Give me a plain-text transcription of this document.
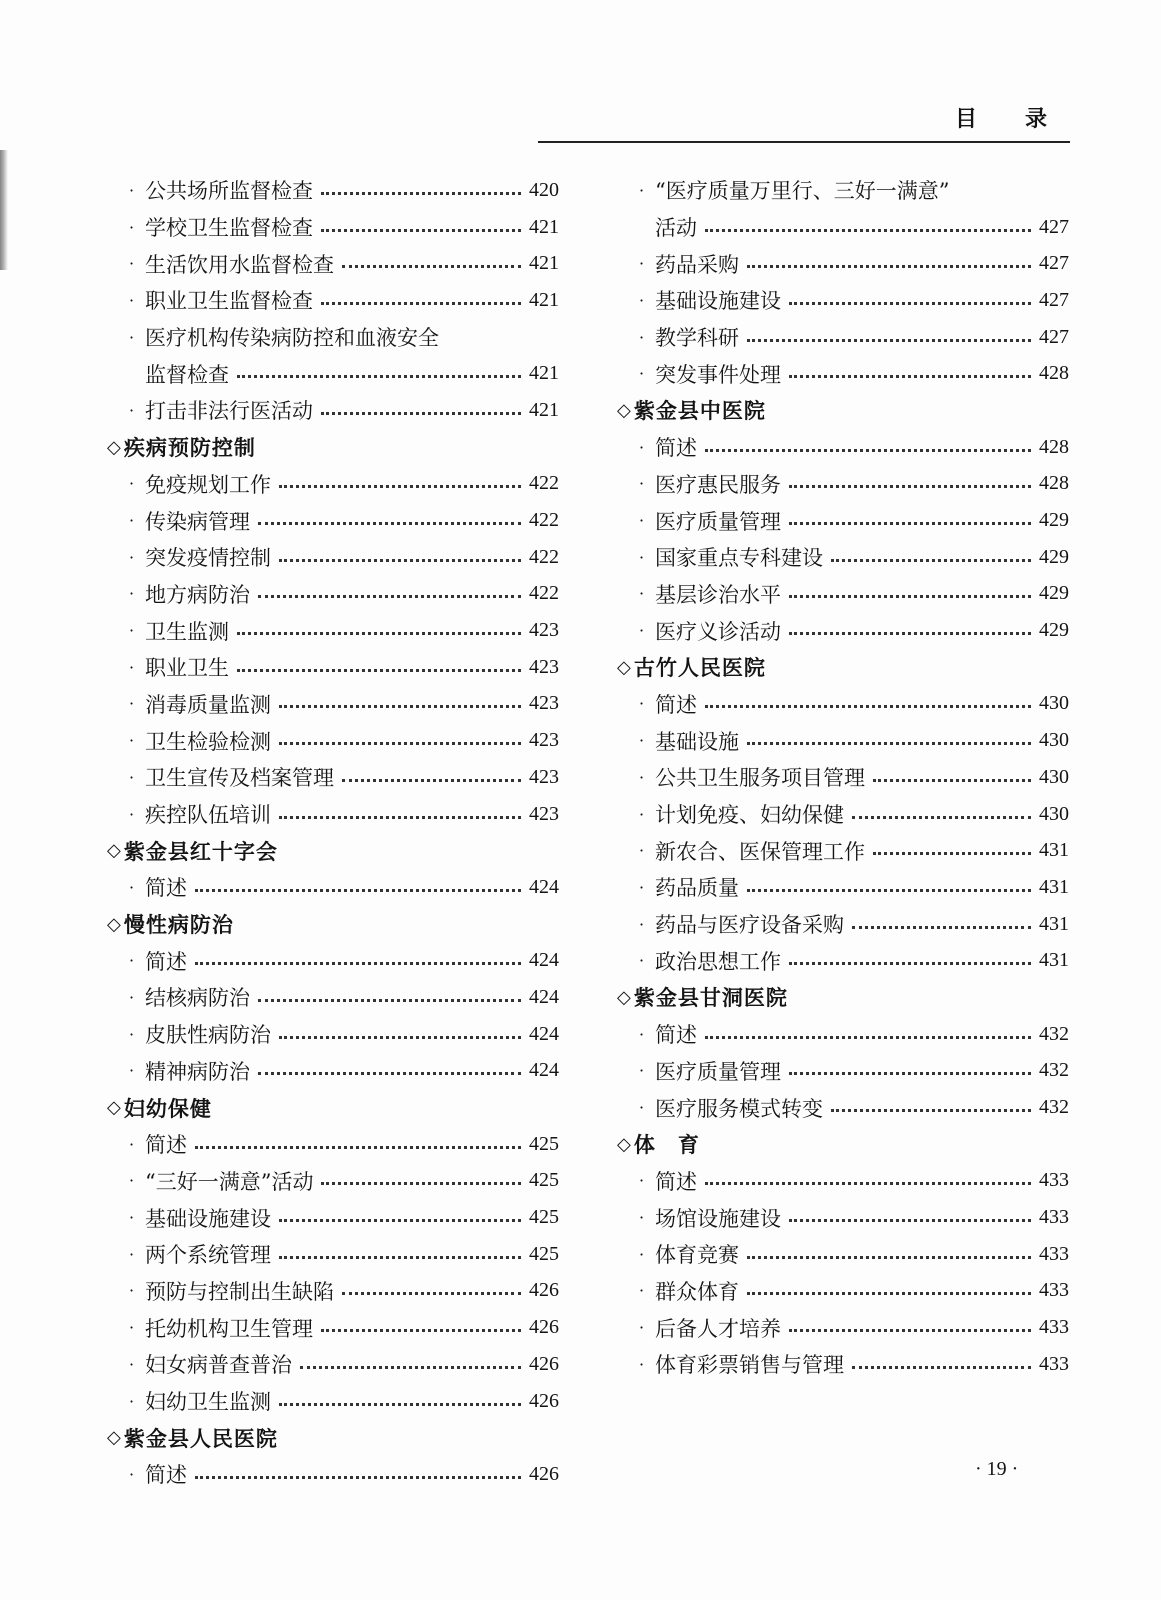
目 录
· 公共场所监督检查	420
· 学校卫生监督检查	421
· 生活饮用水监督检查	421
· 职业卫生监督检查	421
· 医疗机构传染病防控和血液安全
监督检查	421
· 打击非法行医活动	421
◇ 疾病预防控制
· 免疫规划工作	422
· 传染病管理	422
· 突发疫情控制	422
· 地方病防治	422
· 卫生监测	423
· 职业卫生	423
· 消毒质量监测	423
· 卫生检验检测	423
· 卫生宣传及档案管理	423
· 疾控队伍培训	423
◇ 紫金县红十字会
· 简述	424
◇ 慢性病防治
· 简述	424
· 结核病防治	424
· 皮肤性病防治	424
· 精神病防治	424
◇ 妇幼保健
· 简述	425
· “三好一满意”活动	425
· 基础设施建设	425
· 两个系统管理	425
· 预防与控制出生缺陷	426
· 托幼机构卫生管理	426
· 妇女病普查普治	426
· 妇幼卫生监测	426
◇ 紫金县人民医院
· 简述	426
· “医疗质量万里行、三好一满意”
活动	427
· 药品采购	427
· 基础设施建设	427
· 教学科研	427
· 突发事件处理	428
◇ 紫金县中医院
· 简述	428
· 医疗惠民服务	428
· 医疗质量管理	429
· 国家重点专科建设	429
· 基层诊治水平	429
· 医疗义诊活动	429
◇ 古竹人民医院
· 简述	430
· 基础设施	430
· 公共卫生服务项目管理	430
· 计划免疫、妇幼保健	430
· 新农合、医保管理工作	431
· 药品质量	431
· 药品与医疗设备采购	431
· 政治思想工作	431
◇ 紫金县甘洞医院
· 简述	432
· 医疗质量管理	432
· 医疗服务模式转变	432
◇ 体　育
· 简述	433
· 场馆设施建设	433
· 体育竞赛	433
· 群众体育	433
· 后备人才培养	433
· 体育彩票销售与管理	433
· 19 ·
